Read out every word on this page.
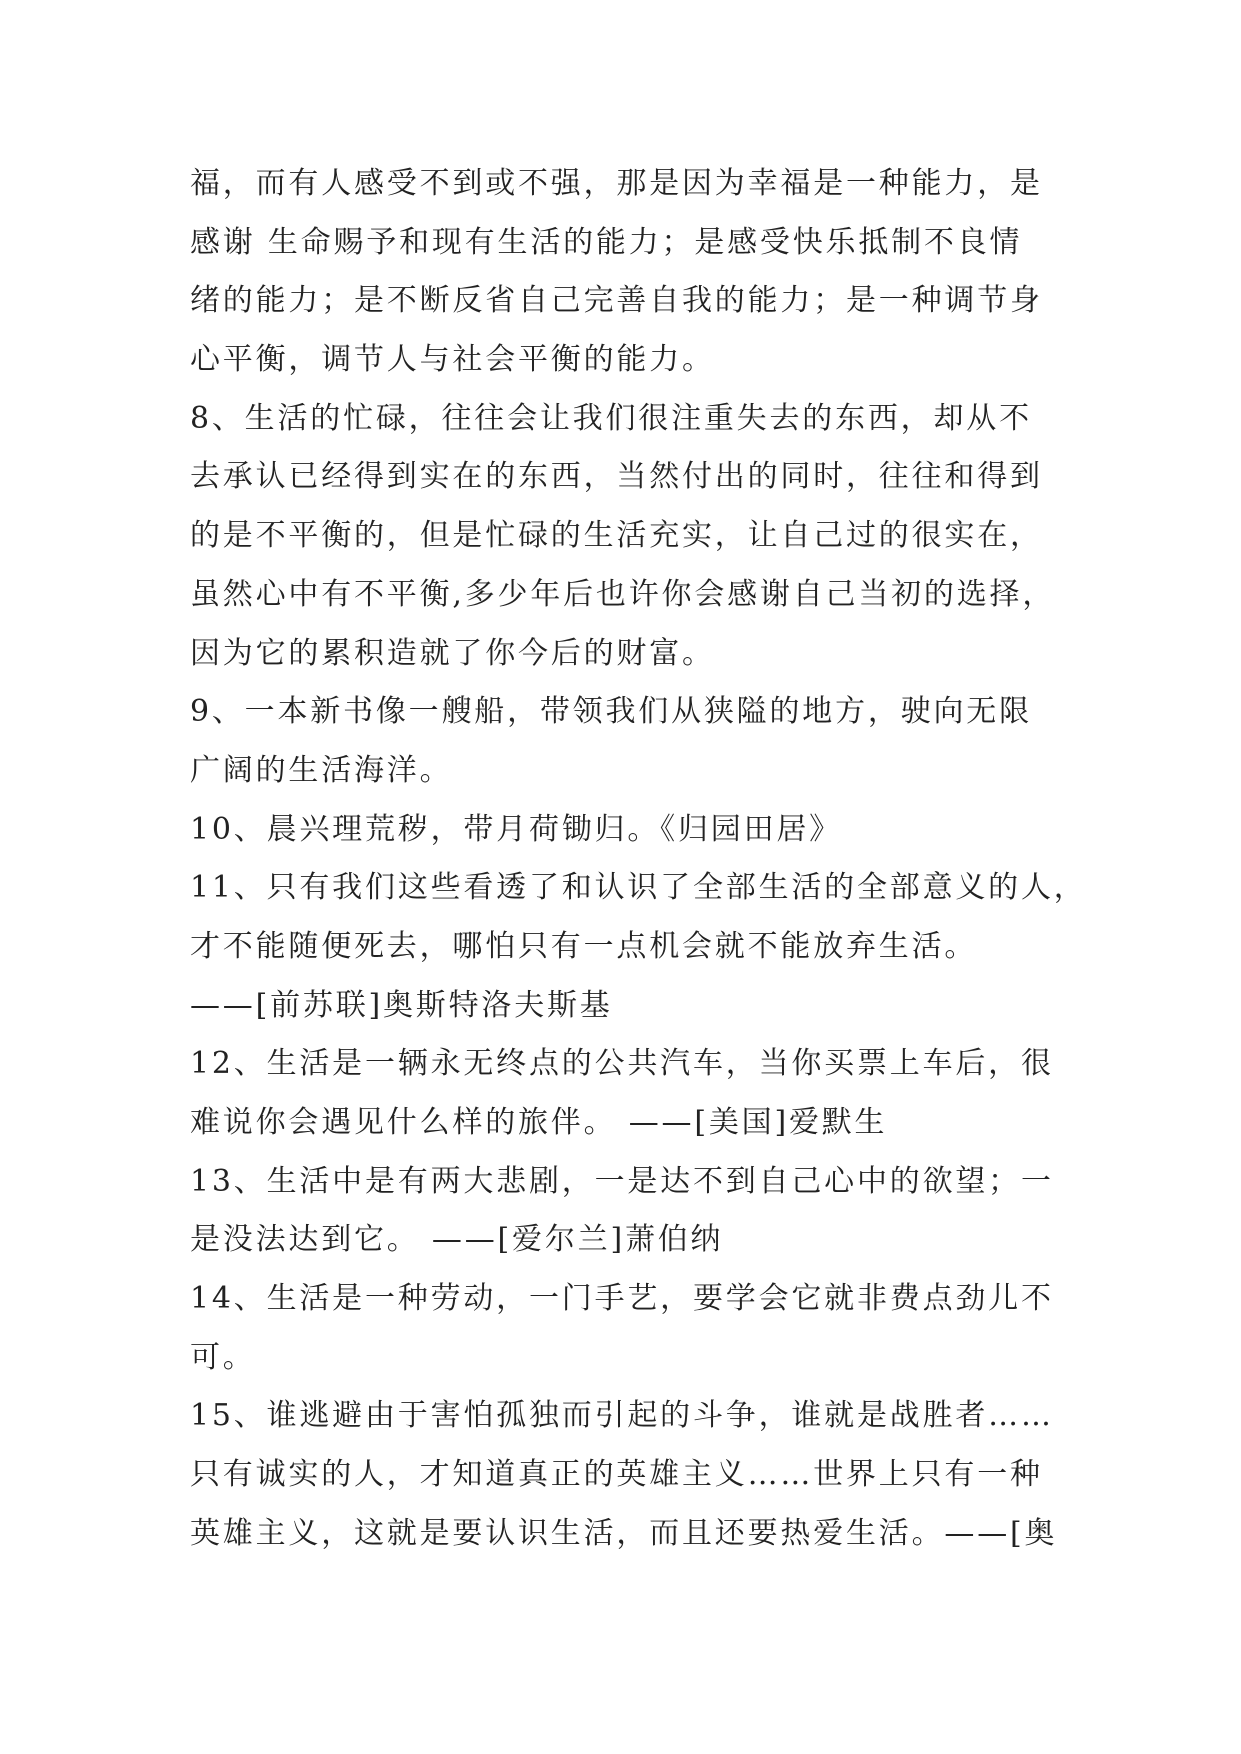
福，而有人感受不到或不强，那是因为幸福是一种能力，是
感谢 生命赐予和现有生活的能力；是感受快乐抵制不良情
绪的能力；是不断反省自己完善自我的能力；是一种调节身
心平衡，调节人与社会平衡的能力。
8、生活的忙碌，往往会让我们很注重失去的东西，却从不
去承认已经得到实在的东西，当然付出的同时，往往和得到
的是不平衡的，但是忙碌的生活充实，让自己过的很实在，
虽然心中有不平衡,多少年后也许你会感谢自己当初的选择，
因为它的累积造就了你今后的财富。
9、一本新书像一艘船，带领我们从狭隘的地方，驶向无限
广阔的生活海洋。
10、晨兴理荒秽，带月荷锄归。《归园田居》
11、只有我们这些看透了和认识了全部生活的全部意义的人，
才不能随便死去，哪怕只有一点机会就不能放弃生活。
——[前苏联]奥斯特洛夫斯基
12、生活是一辆永无终点的公共汽车，当你买票上车后，很
难说你会遇见什么样的旅伴。 ——[美国]爱默生
13、生活中是有两大悲剧，一是达不到自己心中的欲望；一
是没法达到它。 ——[爱尔兰]萧伯纳
14、生活是一种劳动，一门手艺，要学会它就非费点劲儿不
可。
15、谁逃避由于害怕孤独而引起的斗争，谁就是战胜者……
只有诚实的人，才知道真正的英雄主义……世界上只有一种
英雄主义，这就是要认识生活，而且还要热爱生活。——[奥
